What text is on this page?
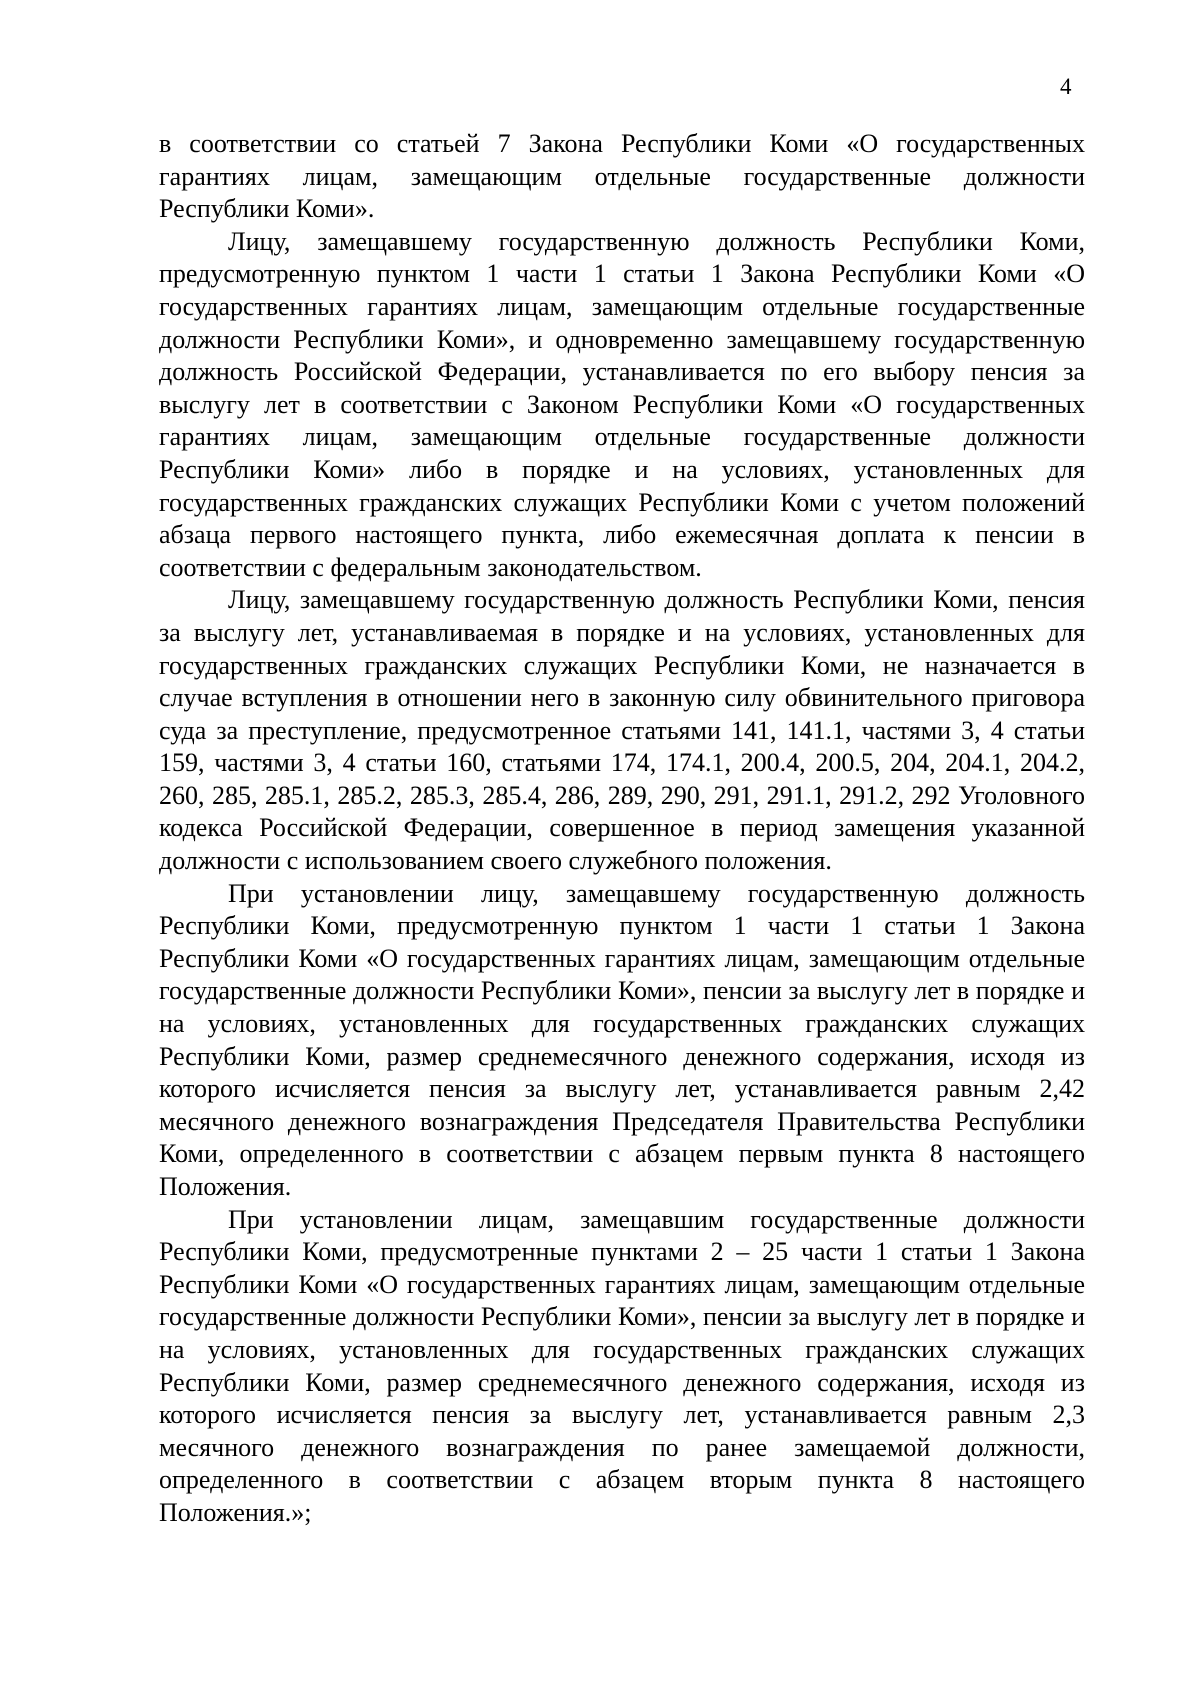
4

в соответствии со статьей 7 Закона Республики Коми «О государственных гарантиях лицам, замещающим отдельные государственные должности Республики Коми».

Лицу, замещавшему государственную должность Республики Коми, предусмотренную пунктом 1 части 1 статьи 1 Закона Республики Коми «О государственных гарантиях лицам, замещающим отдельные государственные должности Республики Коми», и одновременно замещавшему государственную должность Российской Федерации, устанавливается по его выбору пенсия за выслугу лет в соответствии с Законом Республики Коми «О государственных гарантиях лицам, замещающим отдельные государственные должности Республики Коми» либо в порядке и на условиях, установленных для государственных гражданских служащих Республики Коми с учетом положений абзаца первого настоящего пункта, либо ежемесячная доплата к пенсии в соответствии с федеральным законодательством.

Лицу, замещавшему государственную должность Республики Коми, пенсия за выслугу лет, устанавливаемая в порядке и на условиях, установленных для государственных гражданских служащих Республики Коми, не назначается в случае вступления в отношении него в законную силу обвинительного приговора суда за преступление, предусмотренное статьями 141, 141.1, частями 3, 4 статьи 159, частями 3, 4 статьи 160, статьями 174, 174.1, 200.4, 200.5, 204, 204.1, 204.2, 260, 285, 285.1, 285.2, 285.3, 285.4, 286, 289, 290, 291, 291.1, 291.2, 292 Уголовного кодекса Российской Федерации, совершенное в период замещения указанной должности с использованием своего служебного положения.

При установлении лицу, замещавшему государственную должность Республики Коми, предусмотренную пунктом 1 части 1 статьи 1 Закона Республики Коми «О государственных гарантиях лицам, замещающим отдельные государственные должности Республики Коми», пенсии за выслугу лет в порядке и на условиях, установленных для государственных гражданских служащих Республики Коми, размер среднемесячного денежного содержания, исходя из которого исчисляется пенсия за выслугу лет, устанавливается равным 2,42 месячного денежного вознаграждения Председателя Правительства Республики Коми, определенного в соответствии с абзацем первым пункта 8 настоящего Положения.

При установлении лицам, замещавшим государственные должности Республики Коми, предусмотренные пунктами 2 – 25 части 1 статьи 1 Закона Республики Коми «О государственных гарантиях лицам, замещающим отдельные государственные должности Республики Коми», пенсии за выслугу лет в порядке и на условиях, установленных для государственных гражданских служащих Республики Коми, размер среднемесячного денежного содержания, исходя из которого исчисляется пенсия за выслугу лет, устанавливается равным 2,3 месячного денежного вознаграждения по ранее замещаемой должности, определенного в соответствии с абзацем вторым пункта 8 настоящего Положения.»;
